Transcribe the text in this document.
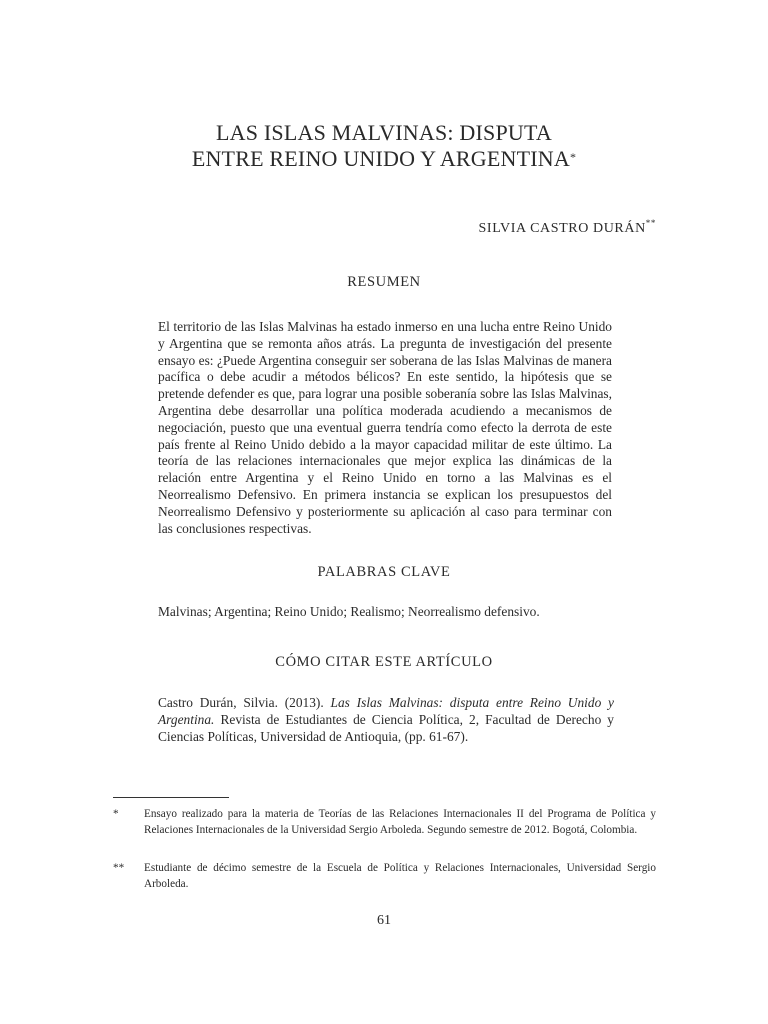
LAS ISLAS MALVINAS: DISPUTA
ENTRE REINO UNIDO Y ARGENTINA*
SILVIA CASTRO DURÁN**
RESUMEN
El territorio de las Islas Malvinas ha estado inmerso en una lucha entre Reino Unido y Argentina que se remonta años atrás. La pregunta de investigación del presente ensayo es: ¿Puede Argentina conseguir ser soberana de las Islas Malvinas de manera pacífica o debe acudir a métodos bélicos? En este sentido, la hipótesis que se pretende defender es que, para lograr una posible soberanía sobre las Islas Malvinas, Argentina debe desarrollar una política moderada acudiendo a mecanismos de negociación, puesto que una eventual guerra tendría como efecto la derrota de este país frente al Reino Unido debido a la mayor capacidad militar de este último. La teoría de las relaciones internacionales que mejor explica las dinámicas de la relación entre Argentina y el Reino Unido en torno a las Malvinas es el Neorrealismo Defensivo. En primera instancia se explican los presupuestos del Neorrealismo Defensivo y posteriormente su aplicación al caso para terminar con las conclusiones respectivas.
PALABRAS CLAVE
Malvinas; Argentina; Reino Unido; Realismo; Neorrealismo defensivo.
CÓMO CITAR ESTE ARTÍCULO
Castro Durán, Silvia. (2013). Las Islas Malvinas: disputa entre Reino Unido y Argentina. Revista de Estudiantes de Ciencia Política, 2, Facultad de Derecho y Ciencias Políticas, Universidad de Antioquia, (pp. 61-67).
* Ensayo realizado para la materia de Teorías de las Relaciones Internacionales II del Programa de Política y Relaciones Internacionales de la Universidad Sergio Arboleda. Segundo semestre de 2012. Bogotá, Colombia.
** Estudiante de décimo semestre de la Escuela de Política y Relaciones Internacionales, Universidad Sergio Arboleda.
61
